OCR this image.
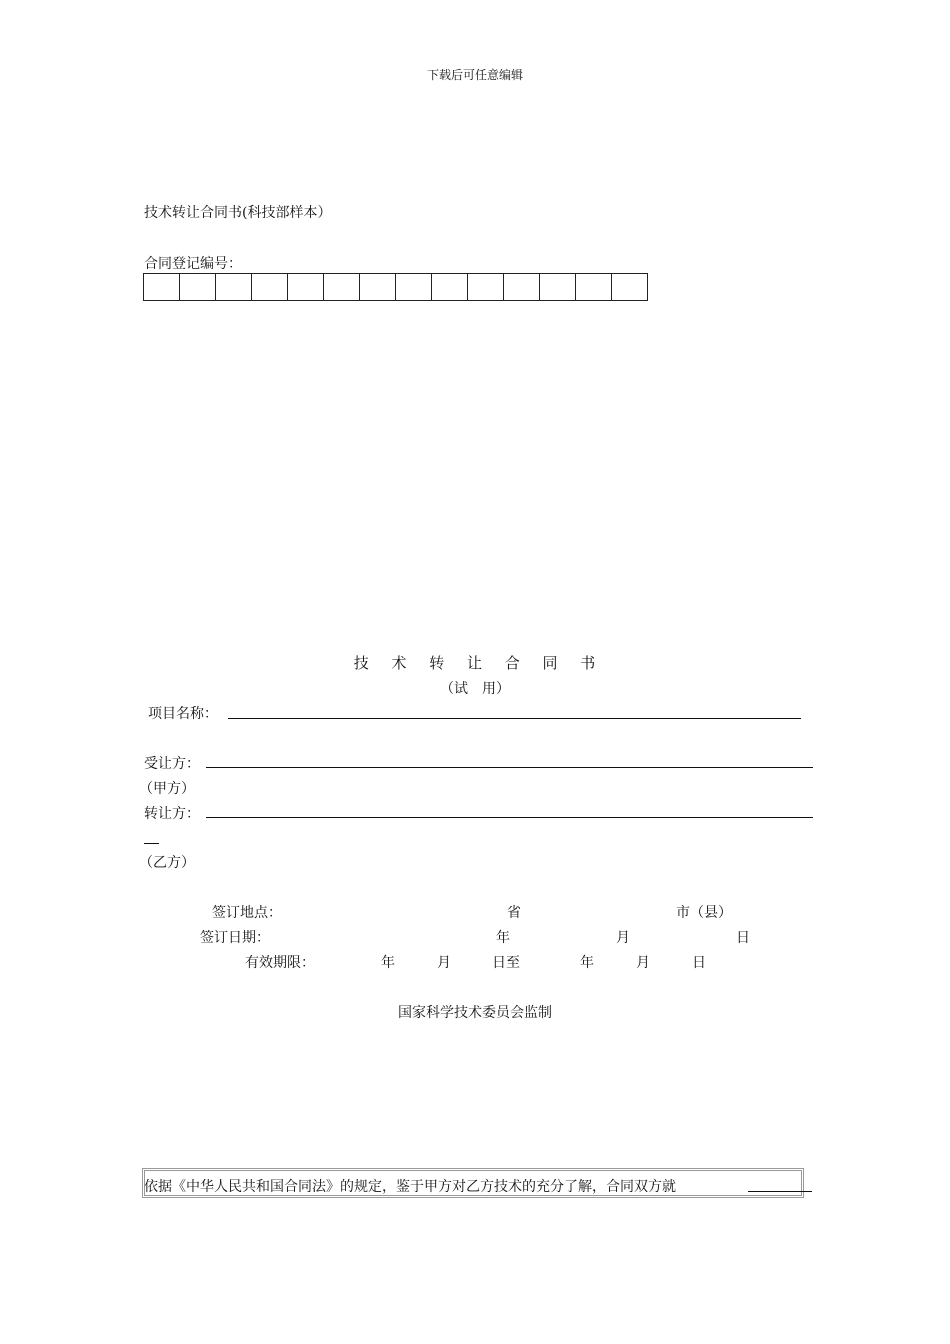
下载后可任意编辑
技术转让合同书(科技部样本）
合同登记编号：
技 术 转 让 合 同 书
（试　用）
项目名称：
受让方：
（甲方）
转让方：
（乙方）
签订地点：	省	市（县）
签订日期：	年	月	日
有效期限：	年	月	日至	年	月	日
国家科学技术委员会监制
依据《中华人民共和国合同法》的规定，鉴于甲方对乙方技术的充分了解，合同双方就
